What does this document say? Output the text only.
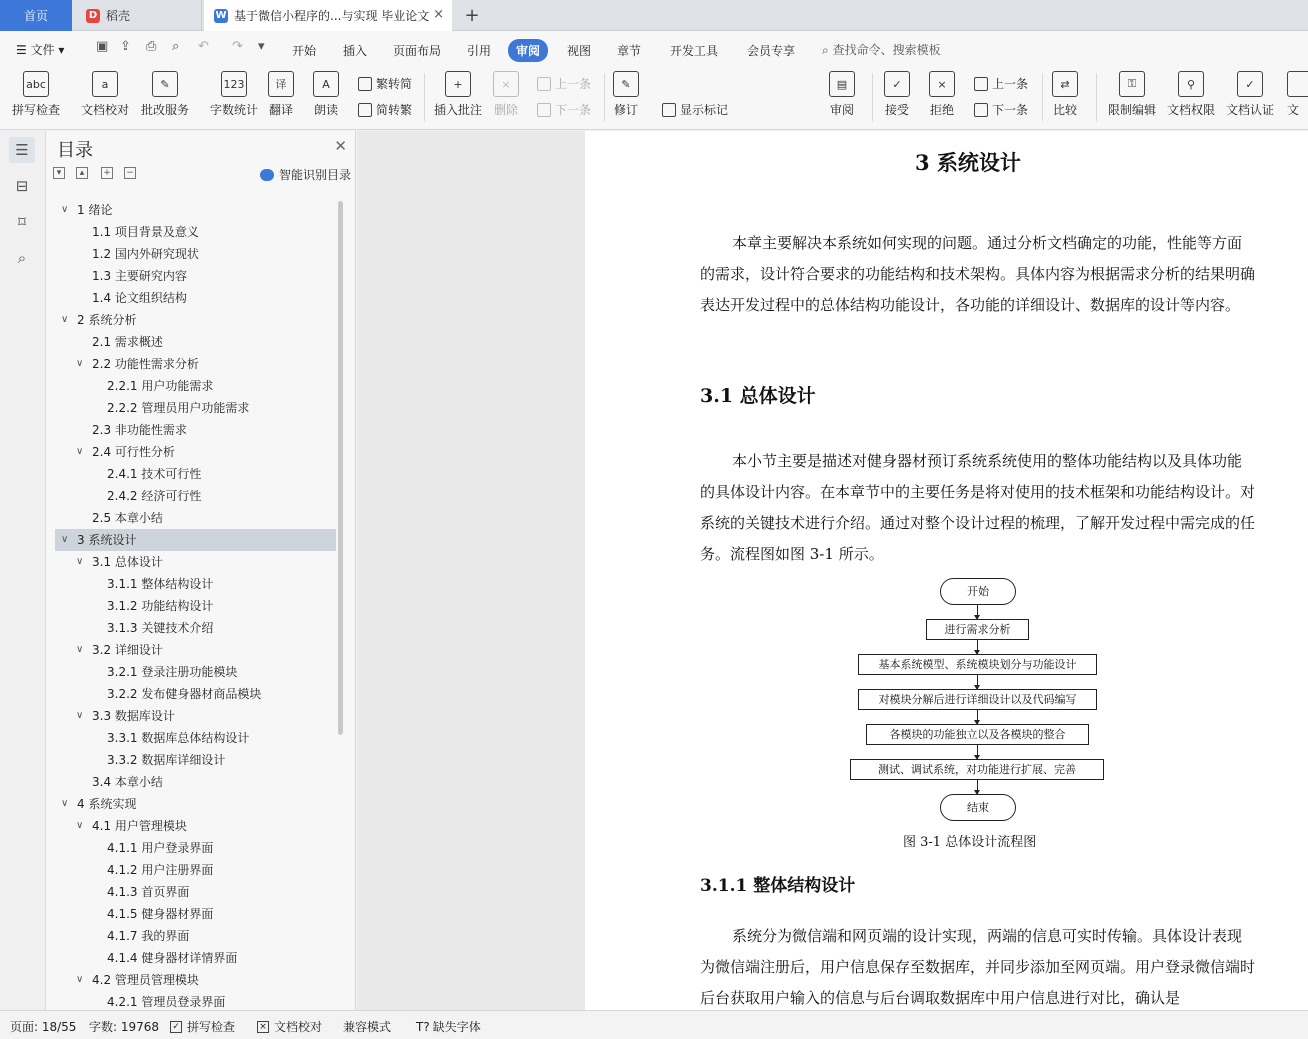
首页	D 稻壳	W 基于微信小程序的...与实现 毕业论文 ×	+
☰ 文件 ▾ ▣ ⇪ ⎙ ⌕ ↶ ↷ ▾ 开始 插入 页面布局 引用	审阅	视图 章节 开发工具 会员专享 ⌕ 查找命令、搜索模板
abc
拼写检查
a
文档校对
✎
批改服务
123
字数统计
译
翻译
A
朗读
繁转简
简转繁
+
插入批注
×
删除
上一条
下一条
✎
修订
▾	显示标记
▤
审阅
✓
接受
×
拒绝
上一条
下一条
⇄
比较
⚿
限制编辑
⚲
文档权限
✓
文档认证 文
☰
⊟
⌑
⌕
目录	✕
▾	▴	+ −	智能识别目录
∨ 1 绪论
1.1 项目背景及意义
1.2 国内外研究现状
1.3 主要研究内容
1.4 论文组织结构
∨ 2 系统分析
2.1 需求概述
∨ 2.2 功能性需求分析
2.2.1 用户功能需求
2.2.2 管理员用户功能需求
2.3 非功能性需求
∨ 2.4 可行性分析
2.4.1 技术可行性
2.4.2 经济可行性
2.5 本章小结
∨ 3 系统设计
∨ 3.1 总体设计
3.1.1 整体结构设计
3.1.2 功能结构设计
3.1.3 关键技术介绍
∨ 3.2 详细设计
3.2.1 登录注册功能模块
3.2.2 发布健身器材商品模块
∨ 3.3 数据库设计
3.3.1 数据库总体结构设计
3.3.2 数据库详细设计
3.4 本章小结
∨ 4 系统实现
∨ 4.1 用户管理模块
4.1.1 用户登录界面
4.1.2 用户注册界面
4.1.3 首页界面
4.1.5 健身器材界面
4.1.7 我的界面
4.1.4 健身器材详情界面
∨ 4.2 管理员管理模块
4.2.1 管理员登录界面
3 系统设计

本章主要解决本系统如何实现的问题。通过分析文档确定的功能，性能等方面的需求，设计符合要求的功能结构和技术架构。具体内容为根据需求分析的结果明确表达开发过程中的总体结构功能设计，各功能的详细设计、数据库的设计等内容。

3.1 总体设计

本小节主要是描述对健身器材预订系统系统使用的整体功能结构以及具体功能的具体设计内容。在本章节中的主要任务是将对使用的技术框架和功能结构设计。对系统的关键技术进行介绍。通过对整个设计过程的梳理，了解开发过程中需完成的任务。流程图如图 3-1 所示。

开始
进行需求分析
基本系统模型、系统模块划分与功能设计
对模块分解后进行详细设计以及代码编写
各模块的功能独立以及各模块的整合
测试、调试系统，对功能进行扩展、完善
结束

图 3-1 总体设计流程图

3.1.1 整体结构设计

系统分为微信端和网页端的设计实现，两端的信息可实时传输。具体设计表现为微信端注册后，用户信息保存至数据库，并同步添加至网页端。用户登录微信端时后台获取用户输入的信息与后台调取数据库中用户信息进行对比，确认是

页面: 18/55 字数: 19768 ✓ 拼写检查	× 文档校对 兼容模式 T? 缺失字体
